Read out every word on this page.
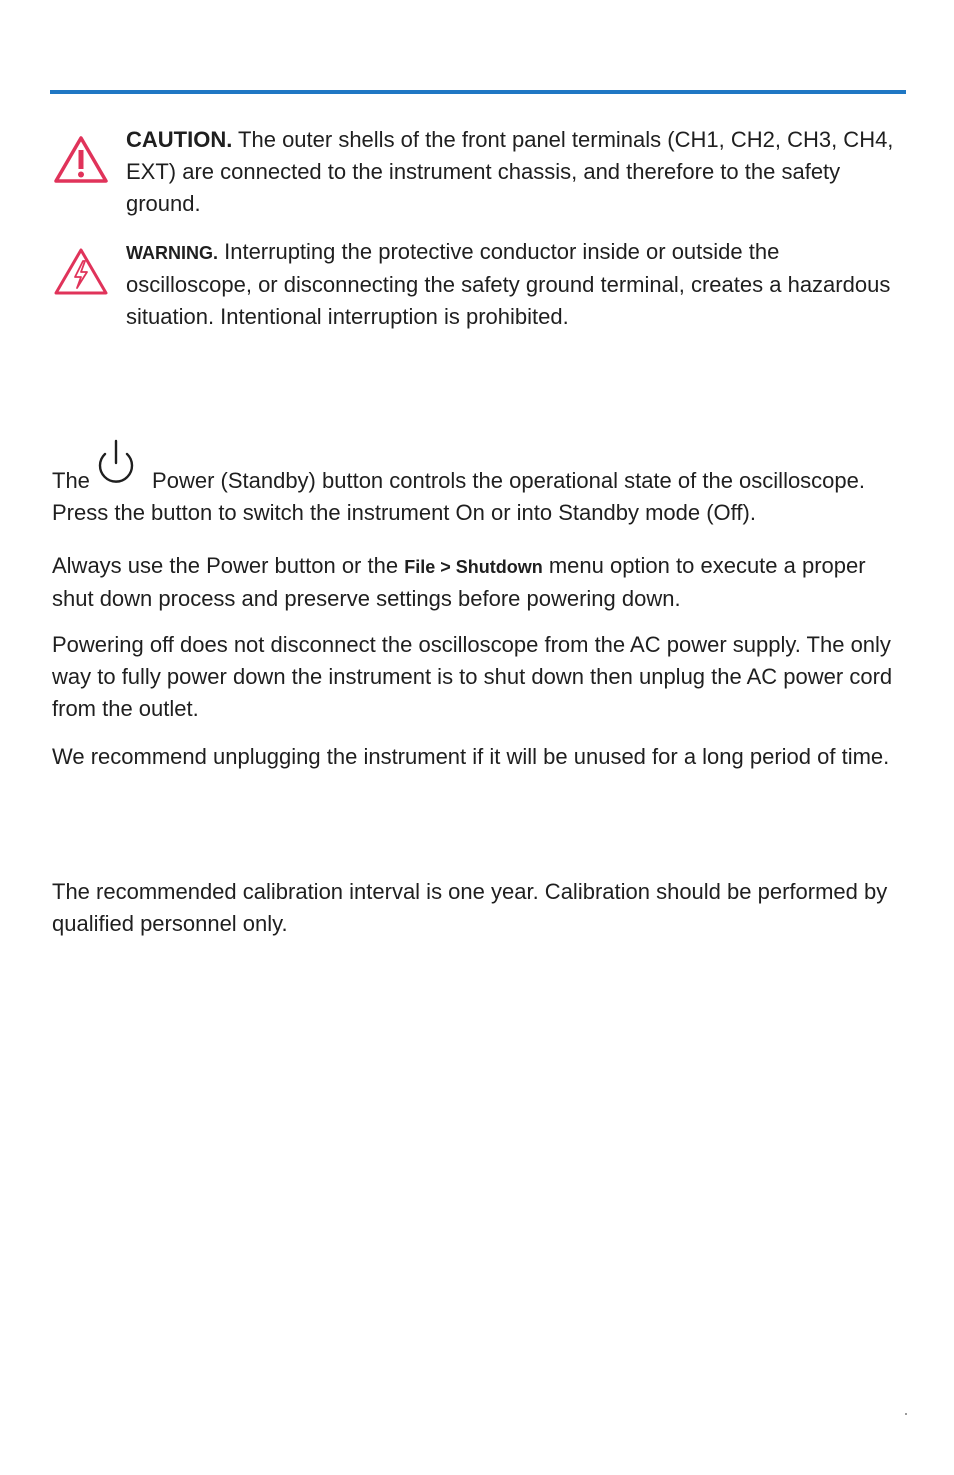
CAUTION. The outer shells of the front panel terminals (CH1, CH2, CH3, CH4, EXT) are connected to the instrument chassis, and therefore to the safety ground.

WARNING. Interrupting the protective conductor inside or outside the oscilloscope, or disconnecting the safety ground terminal, creates a hazardous situation. Intentional interruption is prohibited.

The	Power (Standby) button controls the operational state of the oscilloscope. Press the button to switch the instrument On or into Standby mode (Off).

Always use the Power button or the File > Shutdown menu option to execute a proper shut down process and preserve settings before powering down.

Powering off does not disconnect the oscilloscope from the AC power supply. The only way to fully power down the instrument is to shut down then unplug the AC power cord from the outlet.

We recommend unplugging the instrument if it will be unused for a long period of time.

The recommended calibration interval is one year. Calibration should be performed by qualified personnel only.
